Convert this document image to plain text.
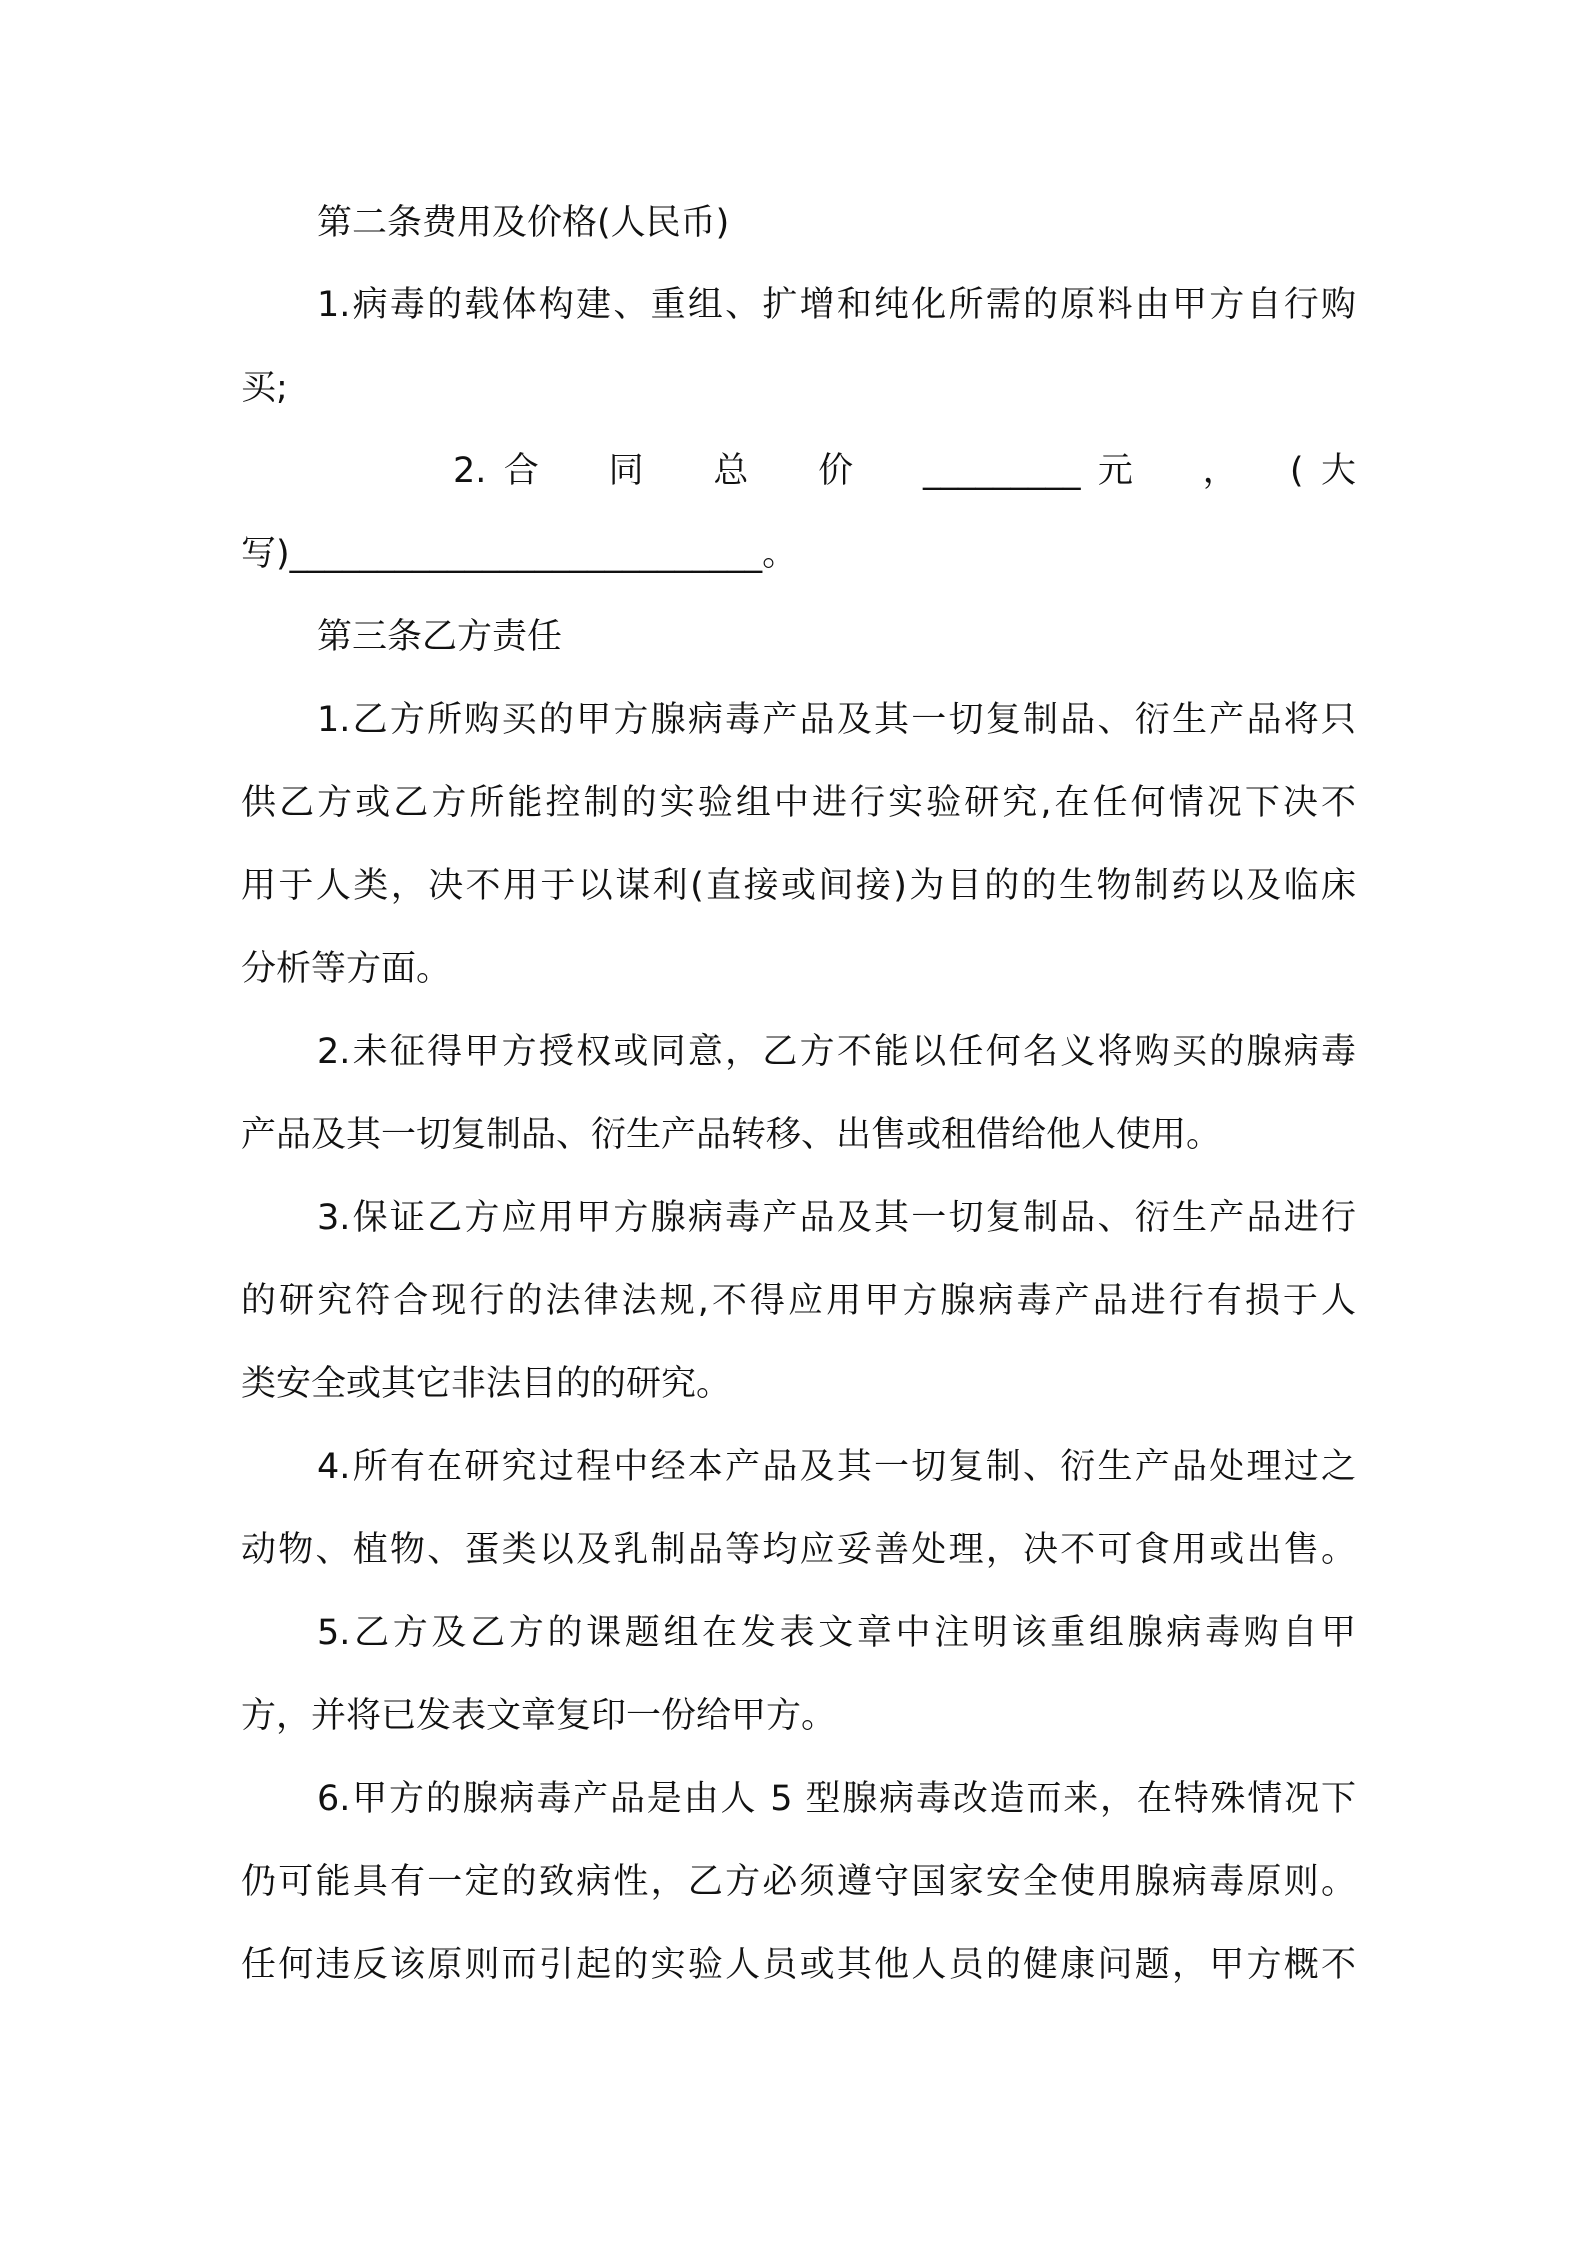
第二条费用及价格(人民币)
1.病毒的载体构建、重组、扩增和纯化所需的原料由甲方自行购
买;
2.合　同　总　价　_________元　，　(大
写)___________________________。
第三条乙方责任
1.乙方所购买的甲方腺病毒产品及其一切复制品、衍生产品将只
供乙方或乙方所能控制的实验组中进行实验研究,在任何情况下决不
用于人类，决不用于以谋利(直接或间接)为目的的生物制药以及临床
分析等方面。
2.未征得甲方授权或同意，乙方不能以任何名义将购买的腺病毒
产品及其一切复制品、衍生产品转移、出售或租借给他人使用。
3.保证乙方应用甲方腺病毒产品及其一切复制品、衍生产品进行
的研究符合现行的法律法规,不得应用甲方腺病毒产品进行有损于人
类安全或其它非法目的的研究。
4.所有在研究过程中经本产品及其一切复制、衍生产品处理过之
动物、植物、蛋类以及乳制品等均应妥善处理，决不可食用或出售。
5.乙方及乙方的课题组在发表文章中注明该重组腺病毒购自甲
方，并将已发表文章复印一份给甲方。
6.甲方的腺病毒产品是由人 5 型腺病毒改造而来，在特殊情况下
仍可能具有一定的致病性，乙方必须遵守国家安全使用腺病毒原则。
任何违反该原则而引起的实验人员或其他人员的健康问题，甲方概不
